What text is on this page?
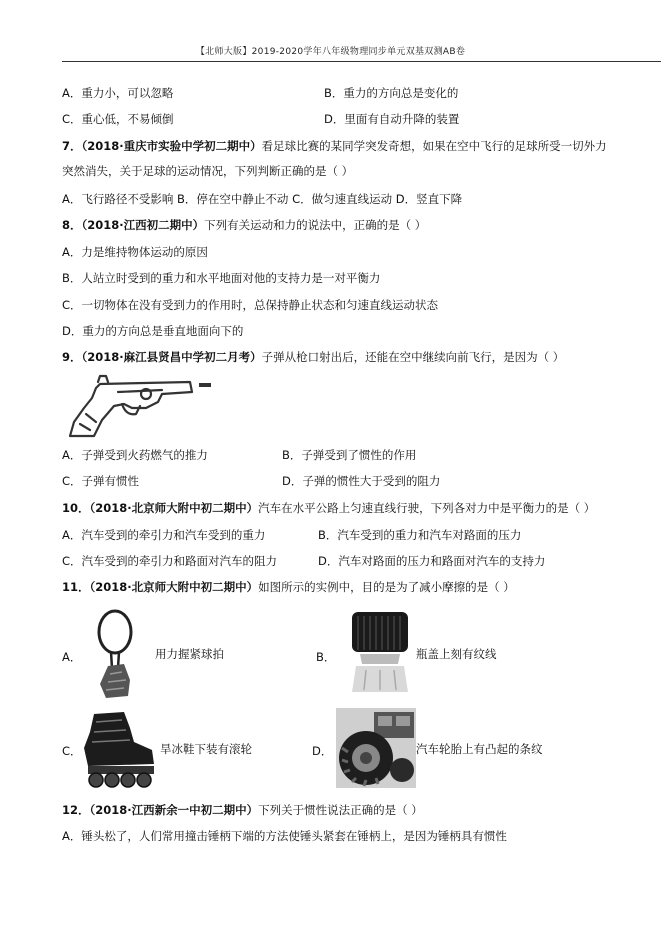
【北师大版】2019-2020学年八年级物理同步单元双基双测AB卷
A．重力小，可以忽略	B．重力的方向总是变化的
C．重心低，不易倾倒	D．里面有自动升降的装置
7．（2018·重庆市实验中学初二期中）看足球比赛的某同学突发奇想，如果在空中飞行的足球所受一切外力
突然消失，关于足球的运动情况，下列判断正确的是（ ）
A．飞行路径不受影响 B．停在空中静止不动 C．做匀速直线运动 D．竖直下降
8．（2018·江西初二期中）下列有关运动和力的说法中，正确的是（ ）
A．力是维持物体运动的原因
B．人站立时受到的重力和水平地面对他的支持力是一对平衡力
C．一切物体在没有受到力的作用时，总保持静止状态和匀速直线运动状态
D．重力的方向总是垂直地面向下的
9．（2018·麻江县贤昌中学初二月考）子弹从枪口射出后，还能在空中继续向前飞行，是因为（ ）
A．子弹受到火药燃气的推力	B．子弹受到了惯性的作用
C．子弹有惯性	D．子弹的惯性大于受到的阻力
10．（2018·北京师大附中初二期中）汽车在水平公路上匀速直线行驶，下列各对力中是平衡力的是（ ）
A．汽车受到的牵引力和汽车受到的重力	B．汽车受到的重力和汽车对路面的压力
C．汽车受到的牵引力和路面对汽车的阻力	D．汽车对路面的压力和路面对汽车的支持力
11．（2018·北京师大附中初二期中）如图所示的实例中，目的是为了减小摩擦的是（ ）
A．	用力握紧球拍	B．	瓶盖上刻有纹线
C．	旱冰鞋下装有滚轮	D．	汽车轮胎上有凸起的条纹
12．（2018·江西新余一中初二期中）下列关于惯性说法正确的是（ ）
A．锤头松了，人们常用撞击锤柄下端的方法使锤头紧套在锤柄上，是因为锤柄具有惯性
